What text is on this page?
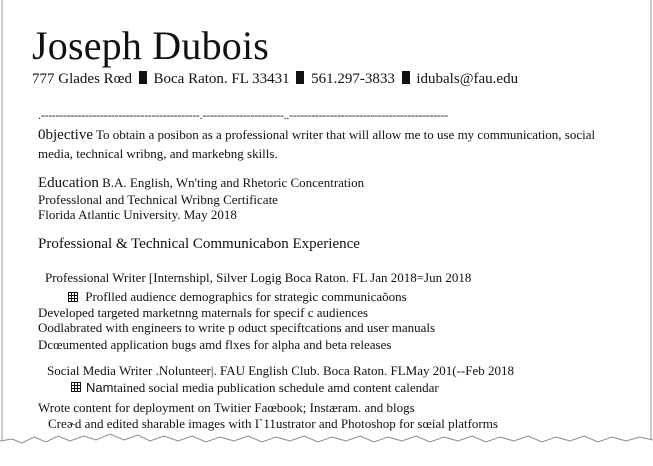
Joseph Dubois
777 Glades Rœd Boca Raton. FL 33431 561.297-3833 idubals@fau.edu
.-------------------------------------------.----------------------..-------------------------------------------
0bjective To obtain a posibon as a professional writer that will allow me to use my communication, social
media, technical wribng, and markebng skills.
Education B.A. English, Wn'ting and Rhetoric Concentration
Professlonal and Technical Wribng Certificate
Florida Atlantic University. May 2018
Professional & Technical Communicabon Experience
Professional Writer [Internshipl, Silver Logig Boca Raton. FL Jan 2018=Jun 2018
Proflled audiencє demographics for strategic communicaŏons
Developed targeted marketnng maternals for specif c audiences
Oodlabrated with engineers to write p oduct speciftcations and user manuals
Dcœumented application bugs amd flxes for alpha and beta releases
Social Media Writer .Nolunteer|. FAU English Club. Boca Raton. FLMay 201(--Feb 2018
Namtained social media publication schedule amd content calendar
Wrote content for deployment on Twitier Faœbook; Instæram. and blogs
Creɚd and edited sharable images with I`11ustrator and Photoshop for sœial platforms
